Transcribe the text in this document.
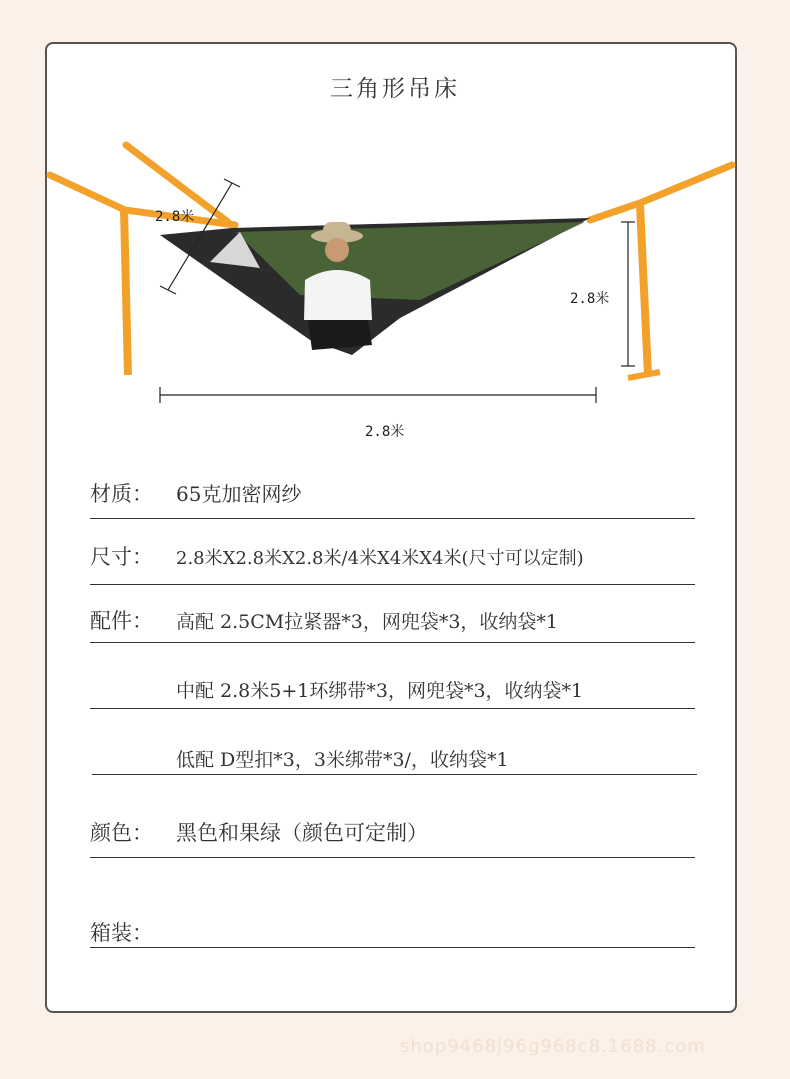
三角形吊床
2.8米
2.8米
2.8米
材质： 65克加密网纱
尺寸： 2.8米X2.8米X2.8米/4米X4米X4米(尺寸可以定制)
配件： 高配 2.5CM拉紧器*3，网兜袋*3，收纳袋*1
中配 2.8米5+1环绑带*3，网兜袋*3，收纳袋*1
低配 D型扣*3，3米绑带*3/，收纳袋*1
颜色： 黑色和果绿（颜色可定制）
箱装：
shop9468j96g968c8.1688.com
